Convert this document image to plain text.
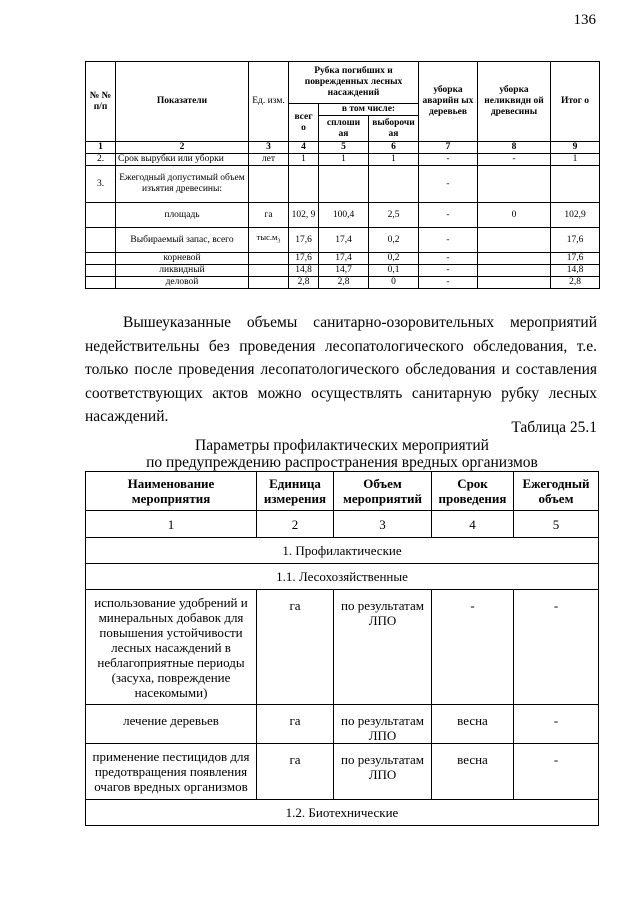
136
№ № п/п	Показатели	Ед. изм.	Рубка погибших и поврежденных лесных насаждений			уборка аварийн ых деревьев	уборка неликвидн ой древесины	Итог о
			всег о	в том числе:				
				сплоши ая	выборочи ая			
1	2	3	4	5	6	7	8	9
2.	Срок вырубки или уборки	лет	1	1	1	-	-	1
3.	Ежегодный допустимый объем изъятия древесины:					-		
	площадь	га	102, 9	100,4	2,5	-	0	102,9
	Выбираемый запас, всего	$тыс.м_3$	17,6	17,4	0,2	-		17,6
	корневой		17,6	17,4	0,2	-		17,6
	ликвидный		14,8	14,7	0,1	-		14,8
	деловой		2,8	2,8	0	-		2,8

Вышеуказанные объемы санитарно-озоровительных мероприятий недействительны без проведения лесопатологического обследования, т.е. только после проведения лесопатологического обследования и составления соответствующих актов можно осуществлять санитарную рубку лесных насаждений.

Таблица 25.1
Параметры профилактических мероприятий
по предупреждению распространения вредных организмов
Наименование мероприятия	Единица измерения	Объем мероприятий	Срок проведения	Ежегодный объем
1	2	3	4	5
1. Профилактические				
1.1. Лесохозяйственные				
использование удобрений и минеральных добавок для повышения устойчивости лесных насаждений в неблагоприятные периоды (засуха, повреждение насекомыми)	га	по результатам ЛПО	-	-
лечение деревьев	га	по результатам ЛПО	весна	-
применение пестицидов для предотвращения появления очагов вредных организмов	га	по результатам ЛПО	весна	-
1.2. Биотехнические				
